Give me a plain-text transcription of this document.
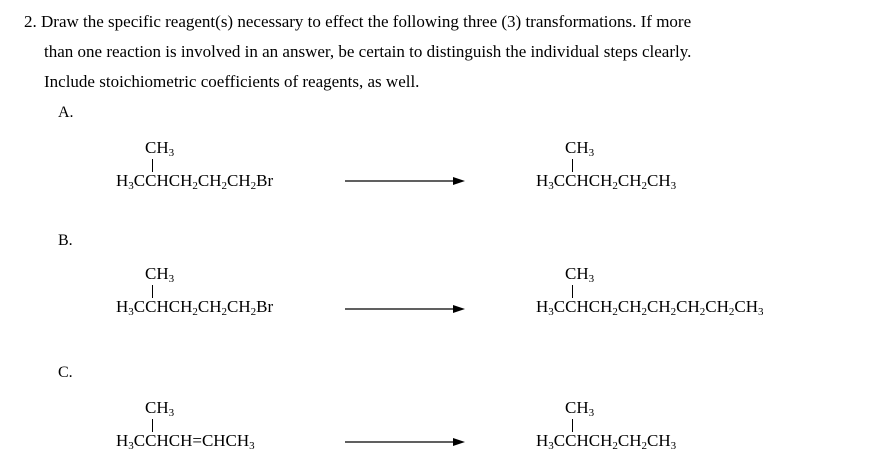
2. Draw the specific reagent(s) necessary to effect the following three (3) transformations. If more
than one reaction is involved in an answer, be certain to distinguish the individual steps clearly.
Include stoichiometric coefficients of reagents, as well.
A.
$CH_3$
$H_3CCHCH_2CH_2CH_2Br$
$CH_3$
$H_3CCHCH_2CH_2CH_3$
B.
$CH_3$
$H_3CCHCH_2CH_2CH_2Br$
$CH_3$
$H_3CCHCH_2CH_2CH_2CH_2CH_2CH_3$
C.
$CH_3$
$H_3CCHCH=CHCH_3$
$CH_3$
$H_3CCHCH_2CH_2CH_3$
